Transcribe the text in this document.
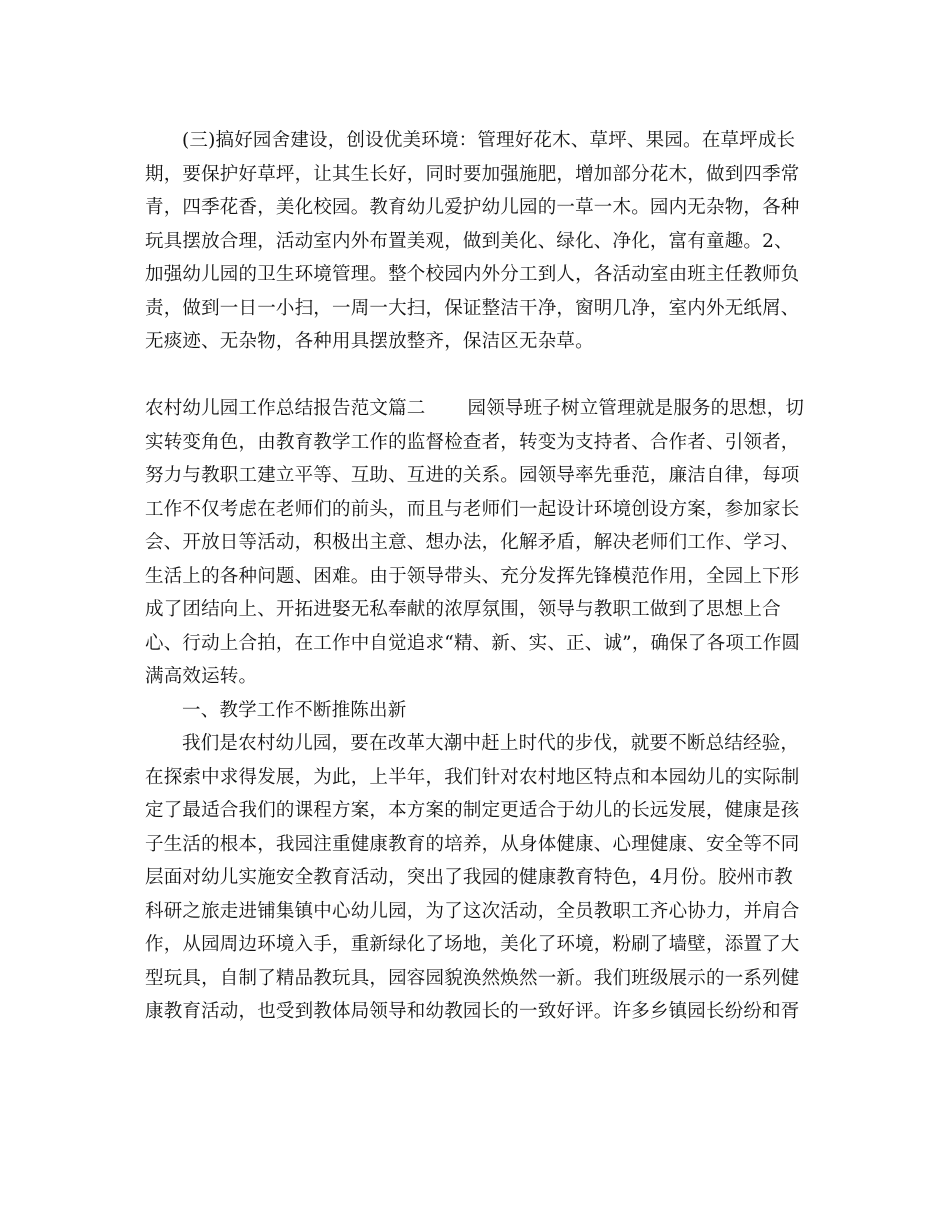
(三)搞好园舍建设，创设优美环境：管理好花木、草坪、果园。在草坪成长期，要保护好草坪，让其生长好，同时要加强施肥，增加部分花木，做到四季常青，四季花香，美化校园。教育幼儿爱护幼儿园的一草一木。园内无杂物，各种玩具摆放合理，活动室内外布置美观，做到美化、绿化、净化，富有童趣。2、加强幼儿园的卫生环境管理。整个校园内外分工到人，各活动室由班主任教师负责，做到一日一小扫，一周一大扫，保证整洁干净，窗明几净，室内外无纸屑、无痰迹、无杂物，各种用具摆放整齐，保洁区无杂草。
农村幼儿园工作总结报告范文篇二 园领导班子树立管理就是服务的思想，切实转变角色，由教育教学工作的监督检查者，转变为支持者、合作者、引领者，努力与教职工建立平等、互助、互进的关系。园领导率先垂范，廉洁自律，每项工作不仅考虑在老师们的前头，而且与老师们一起设计环境创设方案，参加家长会、开放日等活动，积极出主意、想办法，化解矛盾，解决老师们工作、学习、生活上的各种问题、困难。由于领导带头、充分发挥先锋模范作用，全园上下形成了团结向上、开拓进娶无私奉献的浓厚氛围，领导与教职工做到了思想上合心、行动上合拍，在工作中自觉追求“精、新、实、正、诚”，确保了各项工作圆满高效运转。
一、教学工作不断推陈出新
我们是农村幼儿园，要在改革大潮中赶上时代的步伐，就要不断总结经验，在探索中求得发展，为此，上半年，我们针对农村地区特点和本园幼儿的实际制定了最适合我们的课程方案，本方案的制定更适合于幼儿的长远发展，健康是孩子生活的根本，我园注重健康教育的培养，从身体健康、心理健康、安全等不同层面对幼儿实施安全教育活动，突出了我园的健康教育特色，4月份。胶州市教科研之旅走进铺集镇中心幼儿园，为了这次活动，全员教职工齐心协力，并肩合作，从园周边环境入手，重新绿化了场地，美化了环境，粉刷了墙壁，添置了大型玩具，自制了精品教玩具，园容园貌涣然焕然一新。我们班级展示的一系列健康教育活动，也受到教体局领导和幼教园长的一致好评。许多乡镇园长纷纷和胥
